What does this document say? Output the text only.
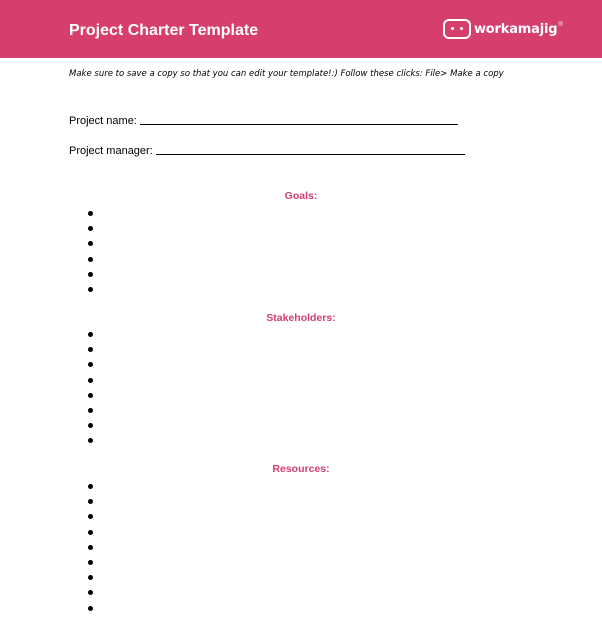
Project Charter Template	workamajig ®
Make sure to save a copy so that you can edit your template!:) Follow these clicks: File> Make a copy
Project name:
Project manager:
Goals:
Stakeholders:
Resources:
